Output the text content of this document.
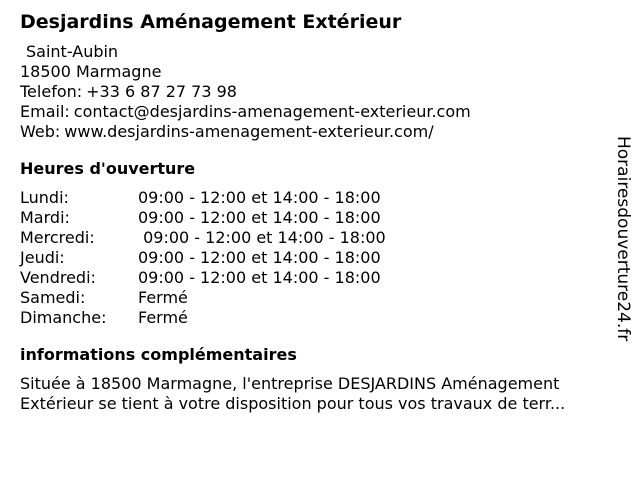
Desjardins Aménagement Extérieur
Saint-Aubin
18500 Marmagne
Telefon: +33 6 87 27 73 98
Email: contact@desjardins-amenagement-exterieur.com
Web: www.desjardins-amenagement-exterieur.com/
Heures d'ouverture
Lundi:	09:00 - 12:00 et 14:00 - 18:00
Mardi:	09:00 - 12:00 et 14:00 - 18:00
Mercredi:	09:00 - 12:00 et 14:00 - 18:00
Jeudi:	09:00 - 12:00 et 14:00 - 18:00
Vendredi:	09:00 - 12:00 et 14:00 - 18:00
Samedi:	Fermé
Dimanche:	Fermé
informations complémentaires
Située à 18500 Marmagne, l'entreprise DESJARDINS Aménagement Extérieur se tient à votre disposition pour tous vos travaux de terr...
Horairesdouverture24.fr
